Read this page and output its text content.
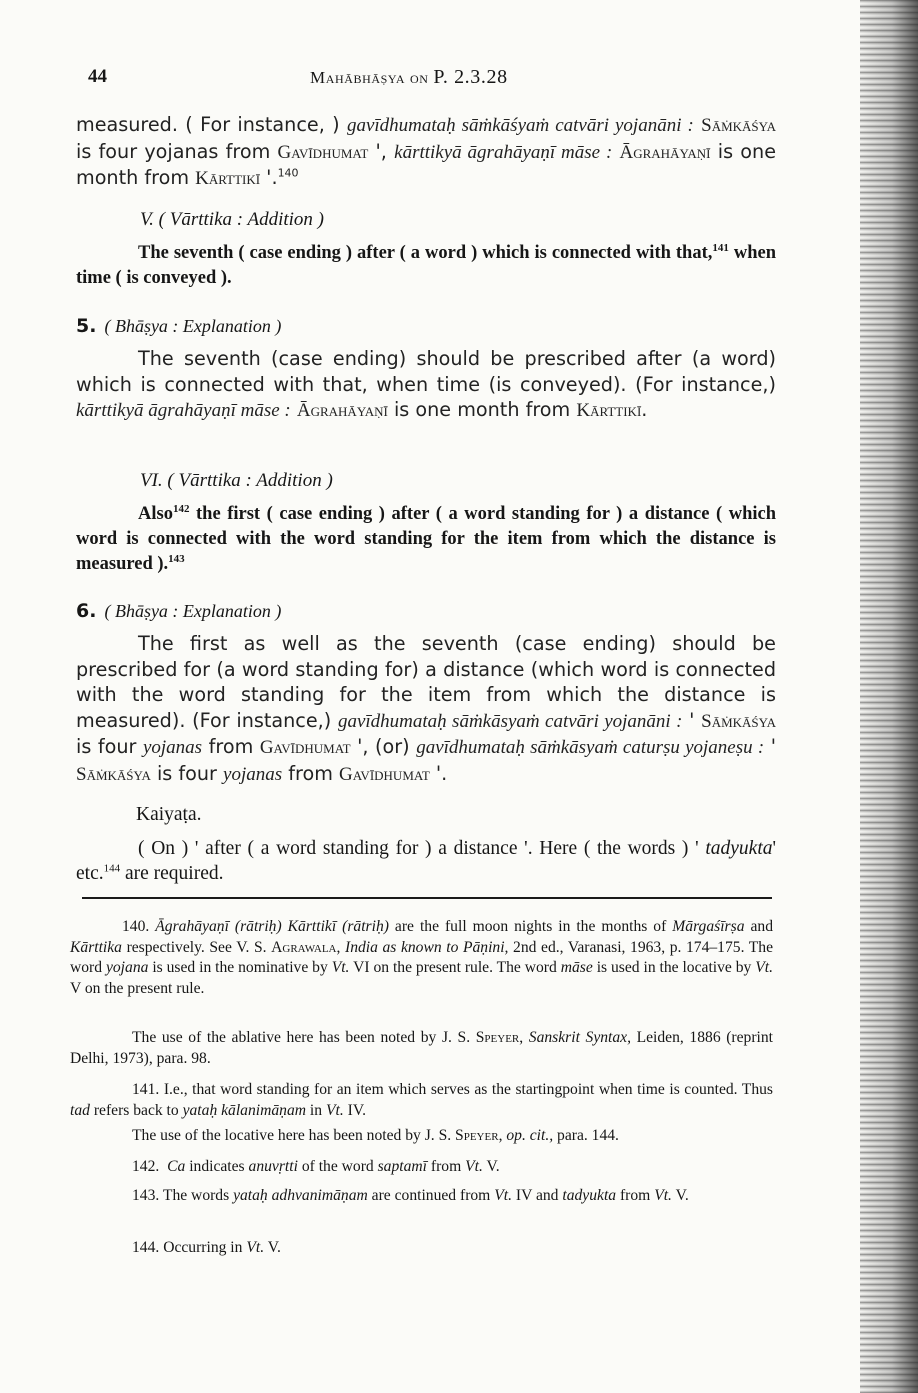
44	Mahābhāṣya on P. 2.3.28
measured. ( For instance, ) gavīdhumataḥ sāṁkāśyaṁ catvāri yojanāni : Sāṁkāśya is four yojanas from Gavīdhumat ', kārttikyā āgrahāyaṇī māse : Āgrahāyaṇī is one month from Kārttikī '.$^{140}$
V. ( Vārttika : Addition )
The seventh ( case ending ) after ( a word ) which is connected with that,$^{141}$ when time ( is conveyed ).
5. ( Bhāṣya : Explanation )
The seventh (case ending) should be prescribed after (a word) which is connected with that, when time (is conveyed). (For instance,) kārttikyā āgrahāyaṇī māse : Āgrahāyaṇī is one month from Kārttikī.
VI. ( Vārttika : Addition )
Also$^{142}$ the first ( case ending ) after ( a word standing for ) a distance ( which word is connected with the word standing for the item from which the distance is measured ).$^{143}$
6. ( Bhāṣya : Explanation )
The first as well as the seventh (case ending) should be prescribed for (a word standing for) a distance (which word is connected with the word standing for the item from which the distance is measured). (For instance,) gavīdhumataḥ sāṁkāsyaṁ catvāri yojanāni : ' Sāṁkāśya is four yojanas from Gavīdhumat ', (or) gavīdhumataḥ sāṁkāsyaṁ caturṣu yojaneṣu : ' Sāṁkāśya is four yojanas from Gavīdhumat '.
Kaiyaṭa.
( On ) ' after ( a word standing for ) a distance '. Here ( the words ) ' tadyukta' etc.$^{144}$ are required.
140. Āgrahāyaṇī (rātriḥ) Kārttikī (rātriḥ) are the full moon nights in the months of Mārgaśīrṣa and Kārttika respectively. See V. S. Agrawala, India as known to Pāṇini, 2nd ed., Varanasi, 1963, p. 174–175. The word yojana is used in the nominative by Vt. VI on the present rule. The word māse is used in the locative by Vt. V on the present rule.
The use of the ablative here has been noted by J. S. Speyer, Sanskrit Syntax, Leiden, 1886 (reprint Delhi, 1973), para. 98.
141. I.e., that word standing for an item which serves as the startingpoint when time is counted. Thus tad refers back to yataḥ kālanimāṇam in Vt. IV.
The use of the locative here has been noted by J. S. Speyer, op. cit., para. 144.
142. Ca indicates anuvṛtti of the word saptamī from Vt. V.
143. The words yataḥ adhvanimāṇam are continued from Vt. IV and tadyukta from Vt. V.
144. Occurring in Vt. V.
